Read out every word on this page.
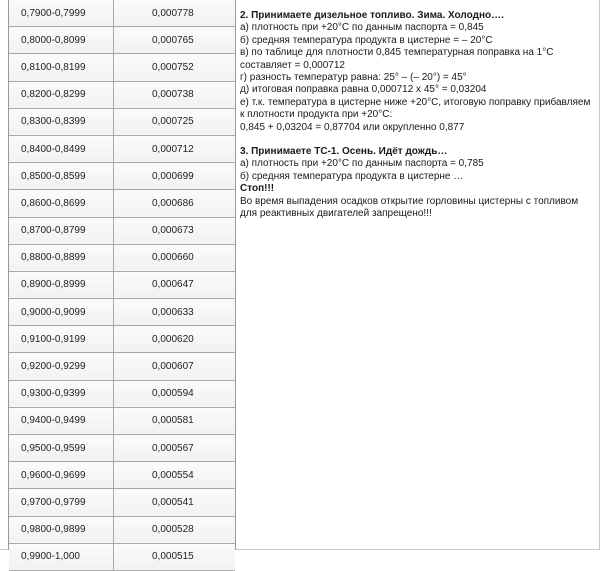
0,7900-0,7999	0,000778
0,8000-0,8099	0,000765
0,8100-0,8199	0,000752
0,8200-0,8299	0,000738
0,8300-0,8399	0,000725
0,8400-0,8499	0,000712
0,8500-0,8599	0,000699
0,8600-0,8699	0,000686
0,8700-0,8799	0,000673
0,8800-0,8899	0,000660
0,8900-0,8999	0,000647
0,9000-0,9099	0,000633
0,9100-0,9199	0,000620
0,9200-0,9299	0,000607
0,9300-0,9399	0,000594
0,9400-0,9499	0,000581
0,9500-0,9599	0,000567
0,9600-0,9699	0,000554
0,9700-0,9799	0,000541
0,9800-0,9899	0,000528
0,9900-1,000	0,000515

2. Принимаете дизельное топливо. Зима. Холодно….

а) плотность при +20°С по данным паспорта = 0,845

б) средняя температура продукта в цистерне = – 20°С

в) по таблице для плотности 0,845 температурная поправка на 1°С составляет = 0,000712

г) разность температур равна: 25° – (– 20°) = 45°

д) итоговая поправка равна 0,000712 х 45° = 0,03204

е) т.к. температура в цистерне ниже +20°С, итоговую поправку прибавляем к плотности продукта при +20°С:

0,845 + 0,03204 = 0,87704 или окрупленно 0,877

3. Принимаете ТС-1. Осень. Идёт дождь…

а) плотность при +20°С по данным паспорта = 0,785

б) средняя температура продукта в цистерне …

Стоп!!!

Во время выпадения осадков открытие горловины цистерны с топливом для реактивных двигателей запрещено!!!
